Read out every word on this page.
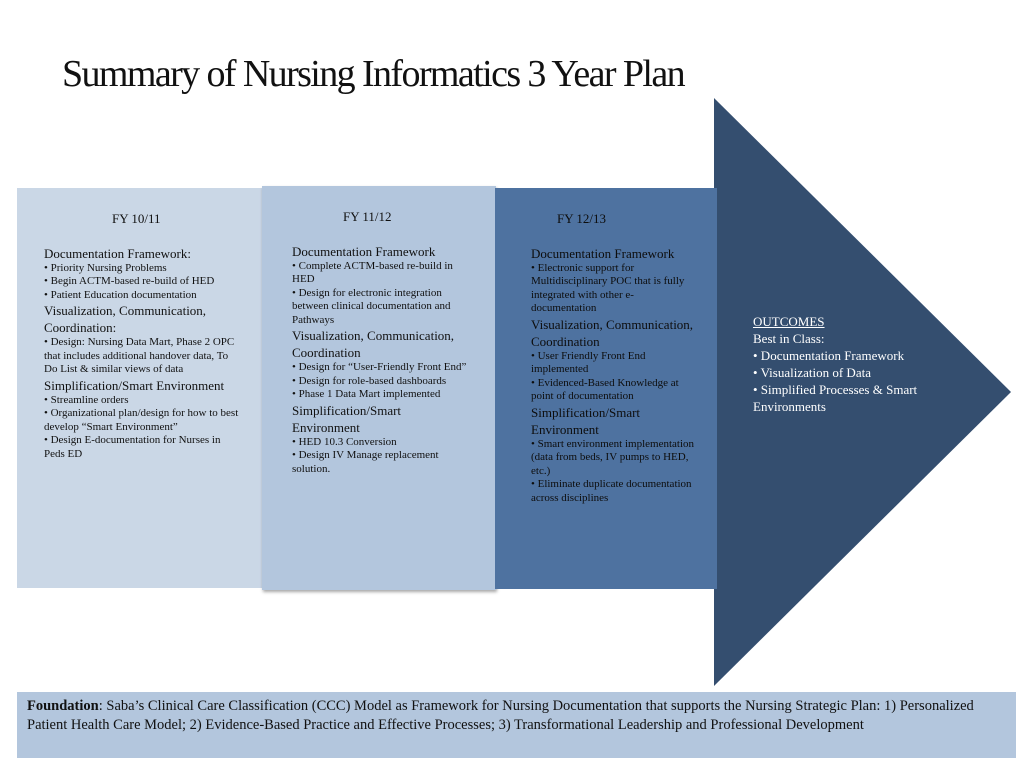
Summary of Nursing Informatics 3 Year Plan
FY 10/11

Documentation Framework:

• Priority Nursing Problems

• Begin ACTM-based re-build of HED

• Patient Education documentation

Visualization, Communication, Coordination:

• Design: Nursing Data Mart, Phase 2 OPC that includes additional handover data, To Do List & similar views of data

Simplification/Smart Environment

• Streamline orders

• Organizational plan/design for how to best develop “Smart Environment”

• Design E-documentation for Nurses in Peds ED

FY 11/12

Documentation Framework

• Complete ACTM-based re-build in HED

• Design for electronic integration between clinical documentation and Pathways

Visualization, Communication, Coordination

• Design for “User-Friendly Front End”

• Design for role-based dashboards

• Phase 1 Data Mart implemented

Simplification/Smart Environment

• HED 10.3 Conversion

• Design IV Manage replacement solution.

FY 12/13

Documentation Framework

• Electronic support for Multidisciplinary POC that is fully integrated with other e-documentation

Visualization, Communication, Coordination

• User Friendly Front End implemented

• Evidenced-Based Knowledge at point of documentation

Simplification/Smart Environment

• Smart environment implementation (data from beds, IV pumps to HED, etc.)

• Eliminate duplicate documentation across disciplines

OUTCOMES
Best in Class:
• Documentation Framework
• Visualization of Data
• Simplified Processes & Smart Environments
Foundation: Saba’s Clinical Care Classification (CCC) Model as Framework for Nursing Documentation that supports the Nursing Strategic Plan: 1) Personalized Patient Health Care Model; 2) Evidence-Based Practice and Effective Processes; 3) Transformational Leadership and Professional Development
